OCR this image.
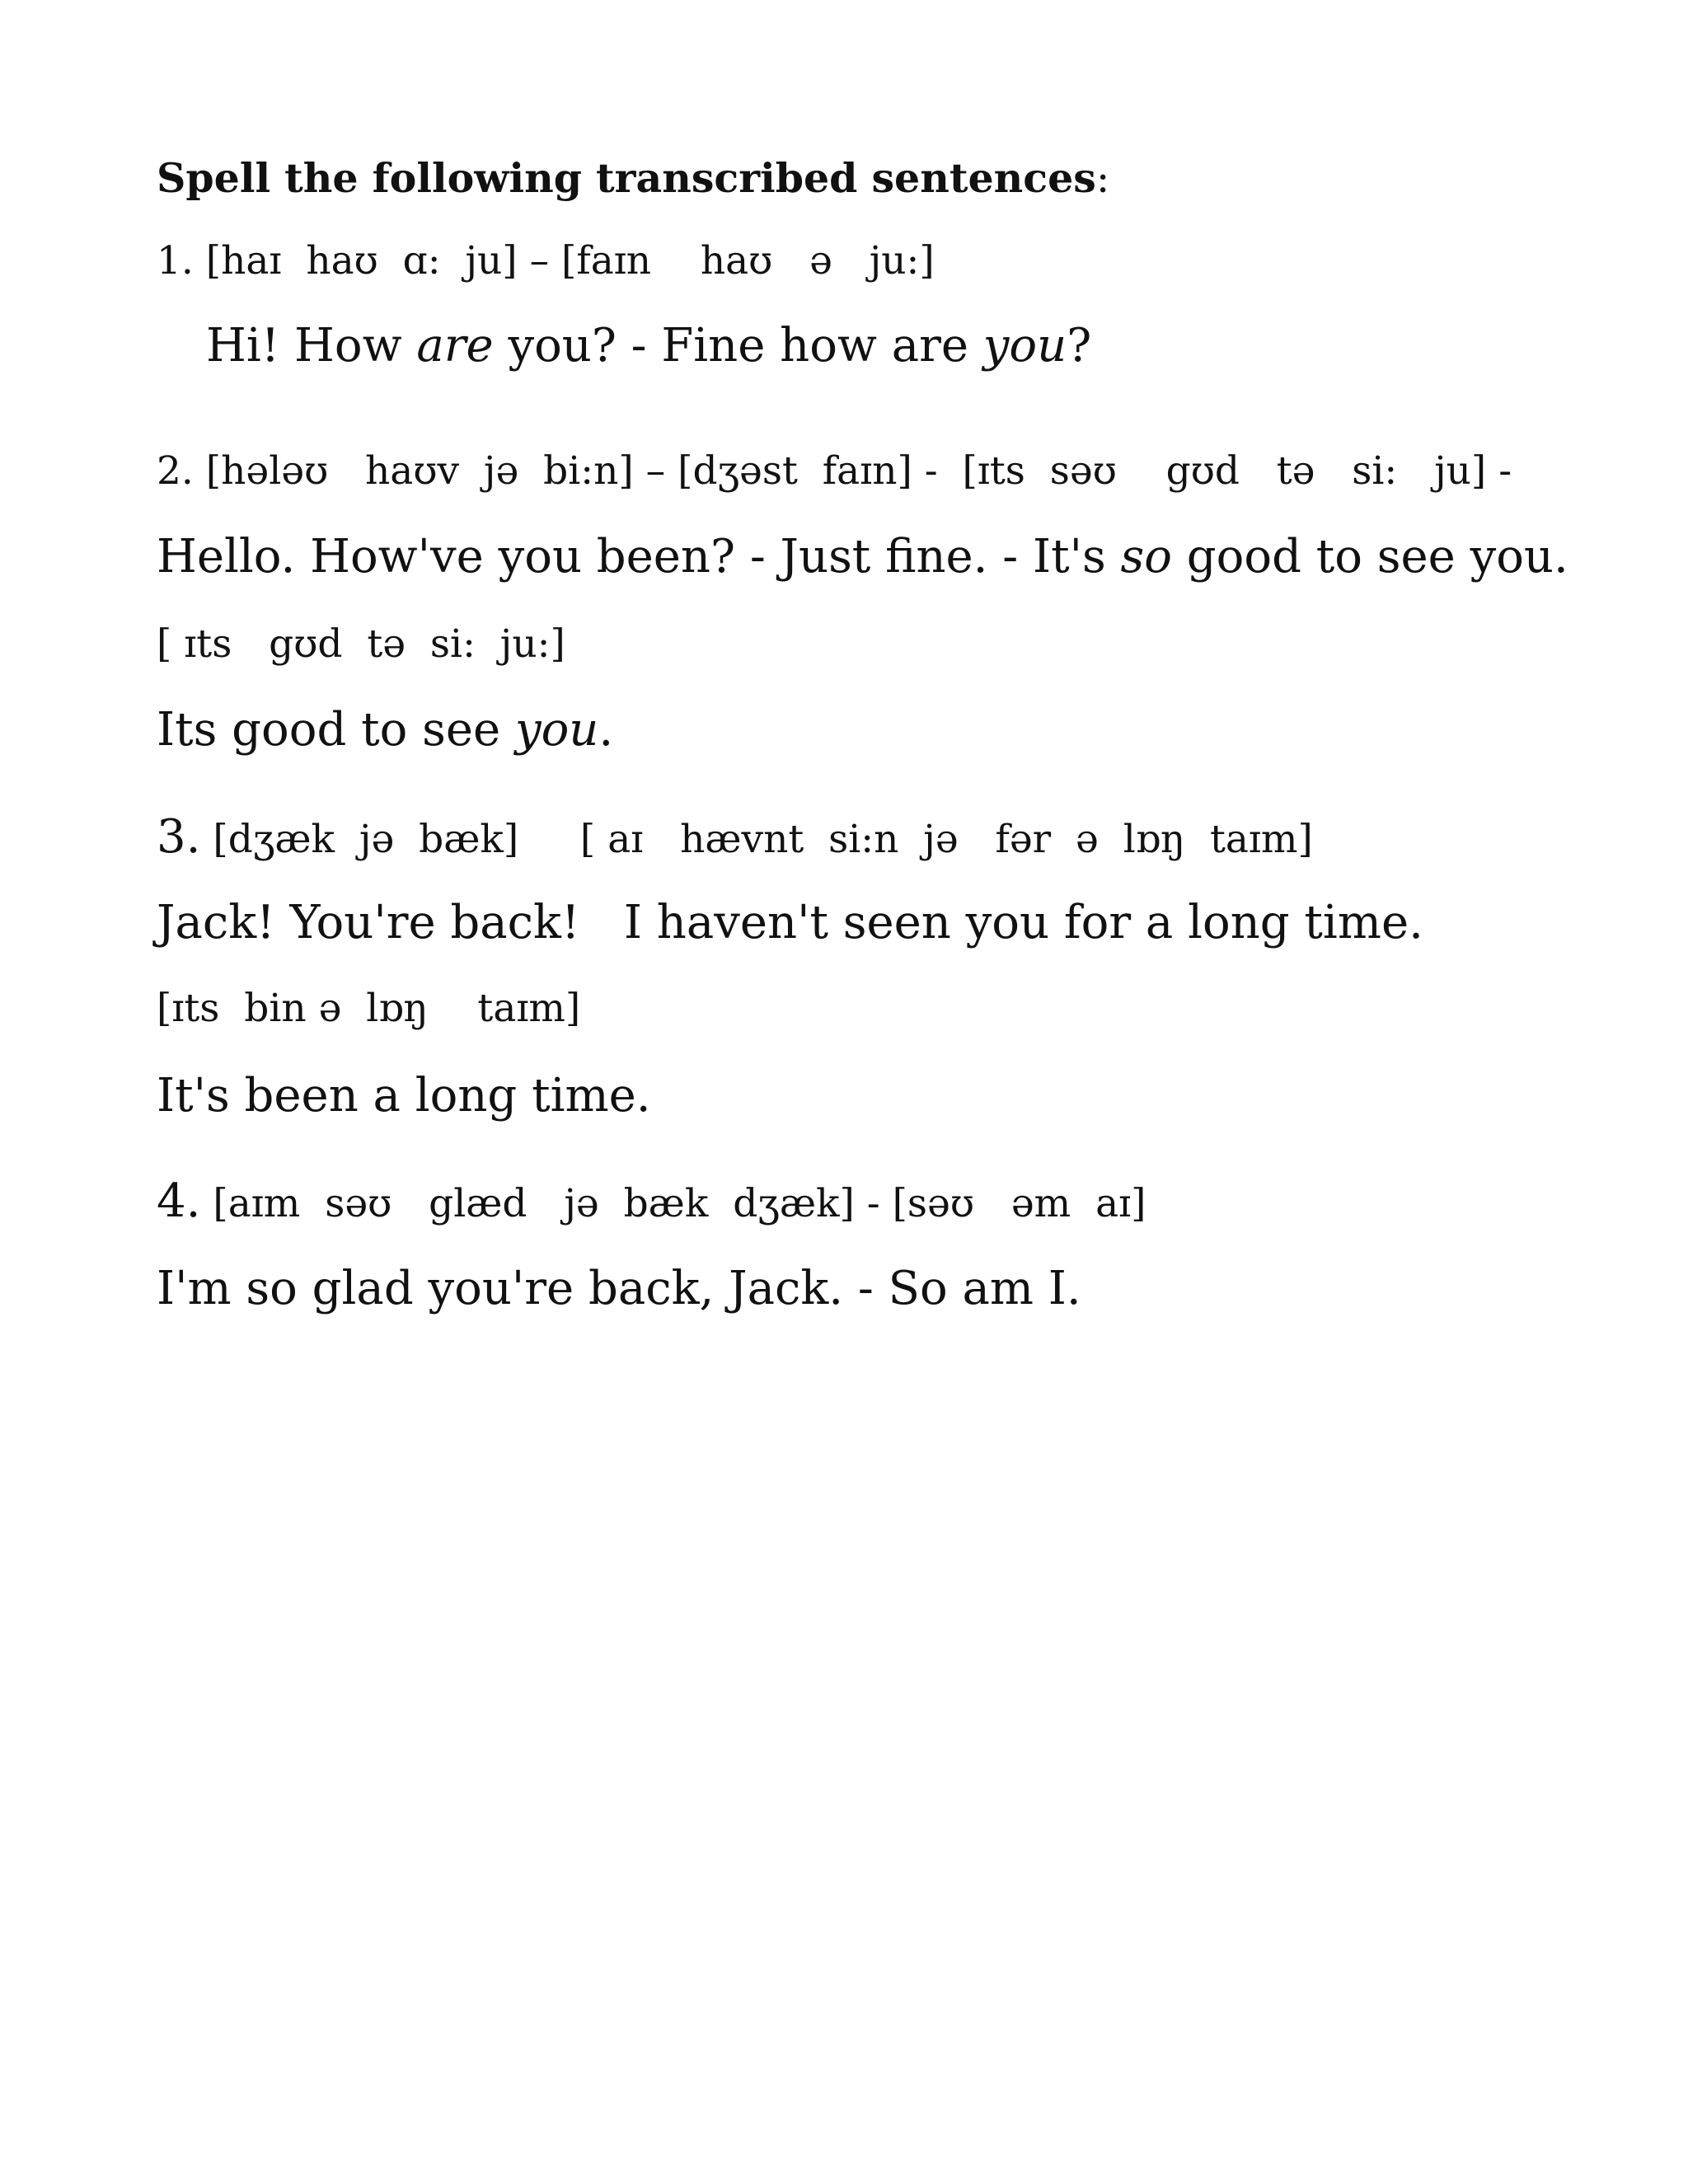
Spell the following transcribed sentences:
1. [haɪ  haʊ  ɑ:  ju] – [faɪn    haʊ   ə   ju:]
Hi! How are you? - Fine how are you?
2. [hələʊ   haʊv  jə  bi:n] – [dʒəst  faɪn] -  [ɪts  səʊ    gʊd   tə   si:   ju] -
Hello. How've you been? - Just fine. - It's so good to see you.
[ ɪts   gʊd  tə  si:  ju:]
Its good to see you.
3. [dʒæk  jə  bæk]     [ aɪ   hævnt  si:n  jə   fər  ə  lɒŋ  taɪm]
Jack! You're back!   I haven't seen you for a long time.
[ɪts  bin ə  lɒŋ    taɪm]
It's been a long time.
4. [aɪm  səʊ   glæd   jə  bæk  dʒæk] - [səʊ   əm  aɪ]
I'm so glad you're back, Jack. - So am I.
